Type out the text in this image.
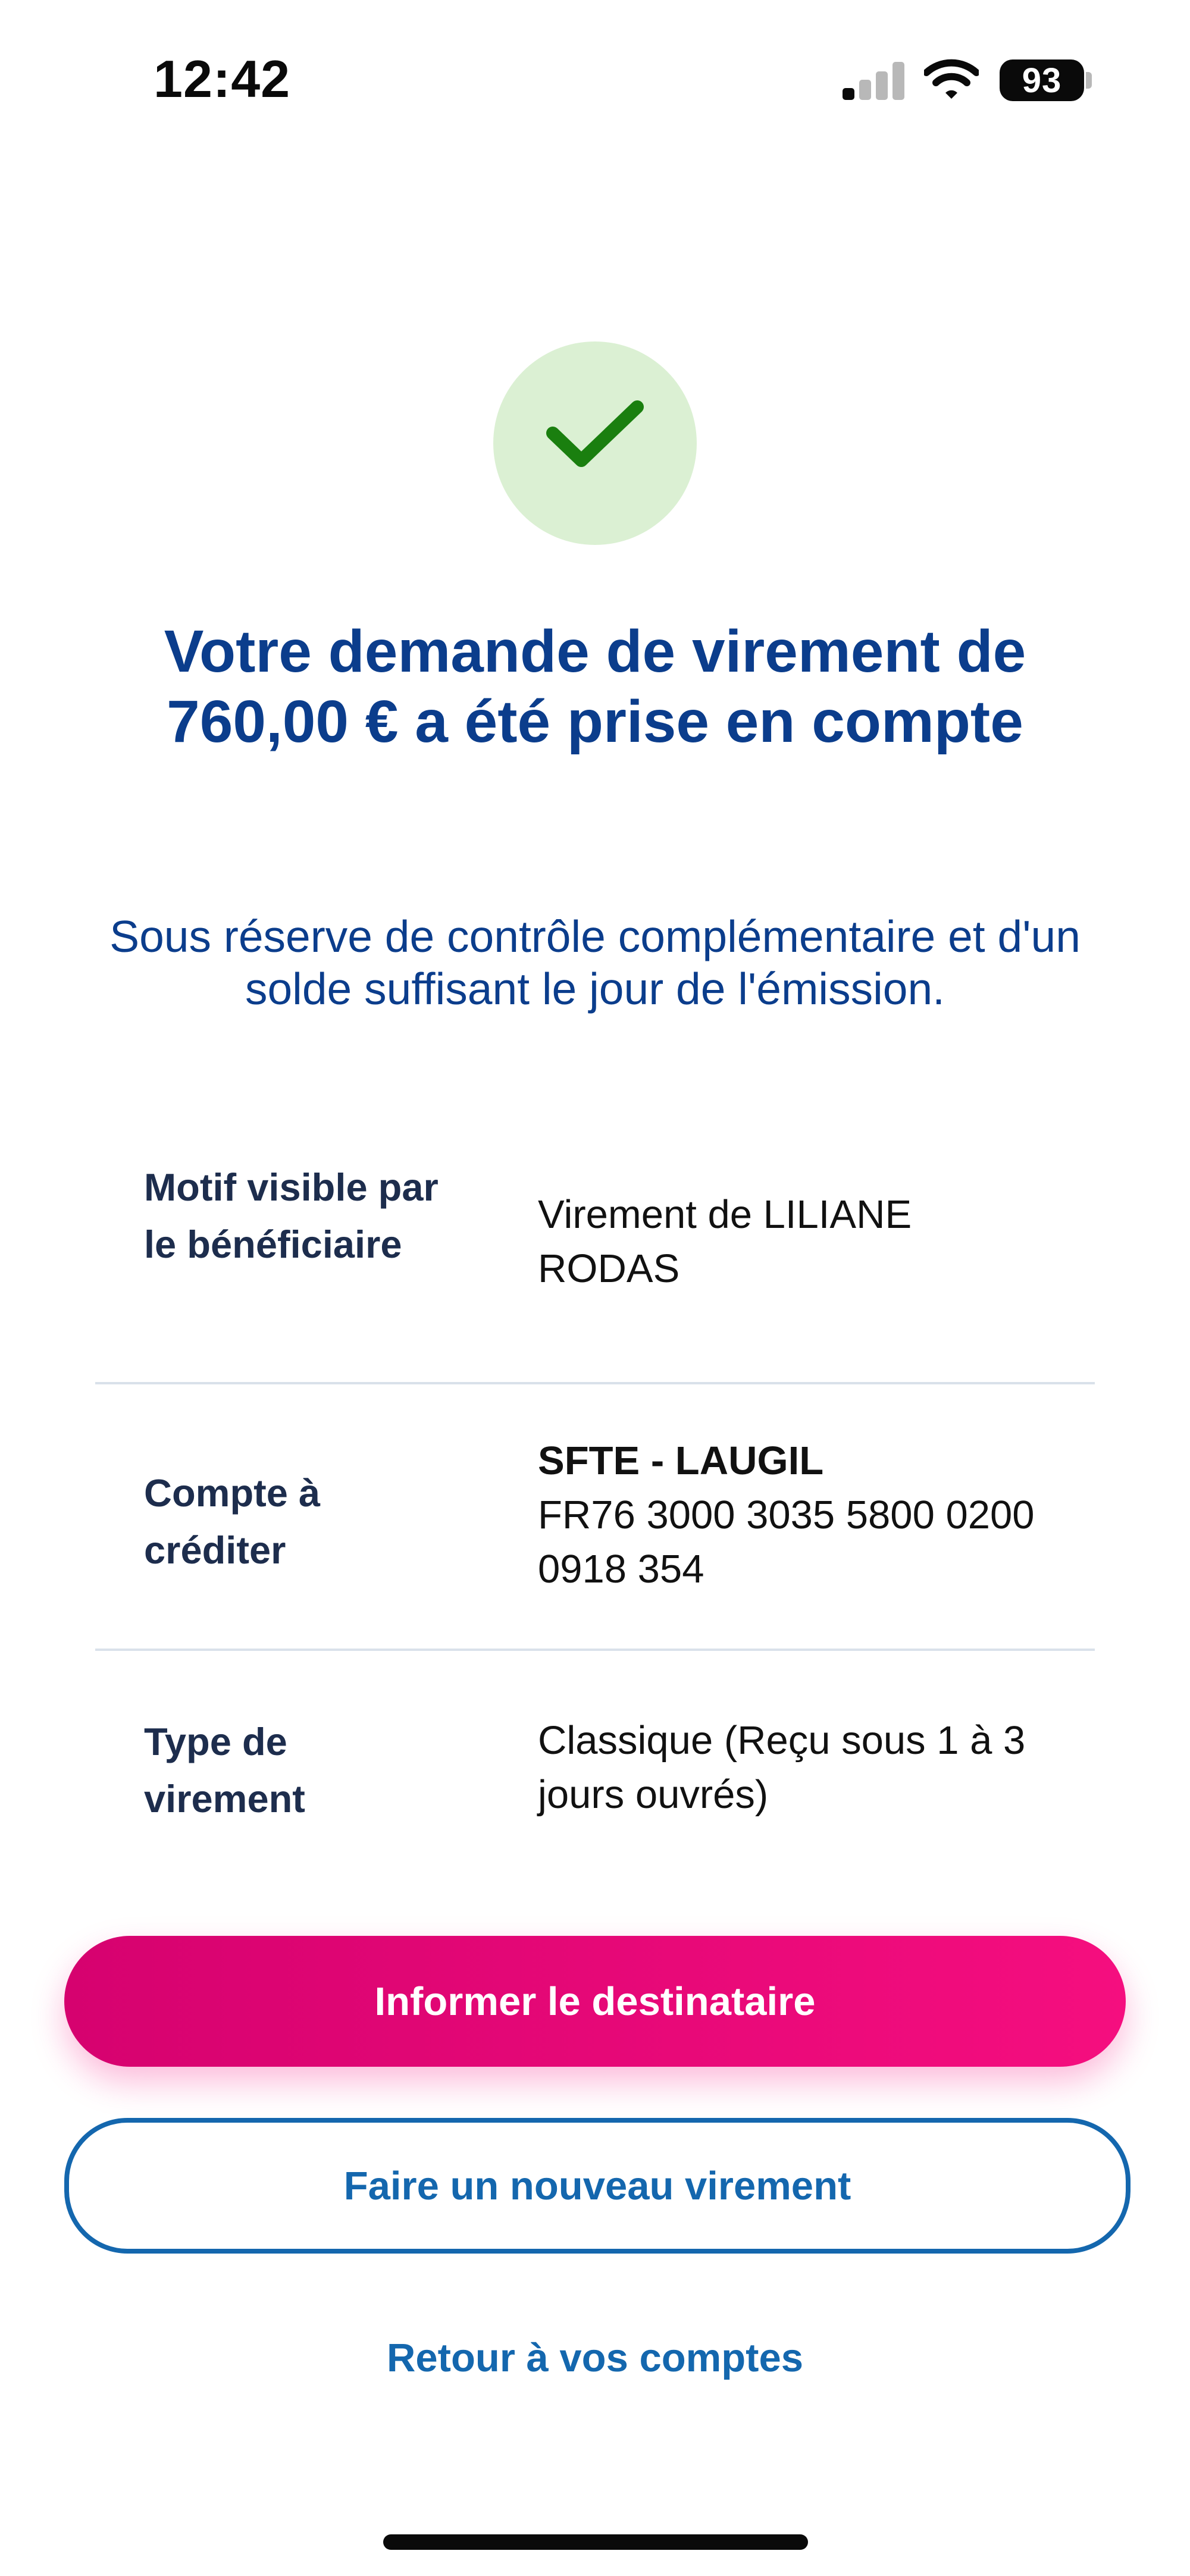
12:42	93
Votre demande de virement de 760,00 € a été prise en compte
Sous réserve de contrôle complémentaire et d'un solde suffisant le jour de l'émission.
Motif visible par le bénéficiaire
Virement de LILIANE RODAS
Compte à créditer
SFTE - LAUGIL
FR76 3000 3035 5800 0200 0918 354
Type de virement
Classique (Reçu sous 1 à 3 jours ouvrés)
Informer le destinataire
Faire un nouveau virement
Retour à vos comptes
